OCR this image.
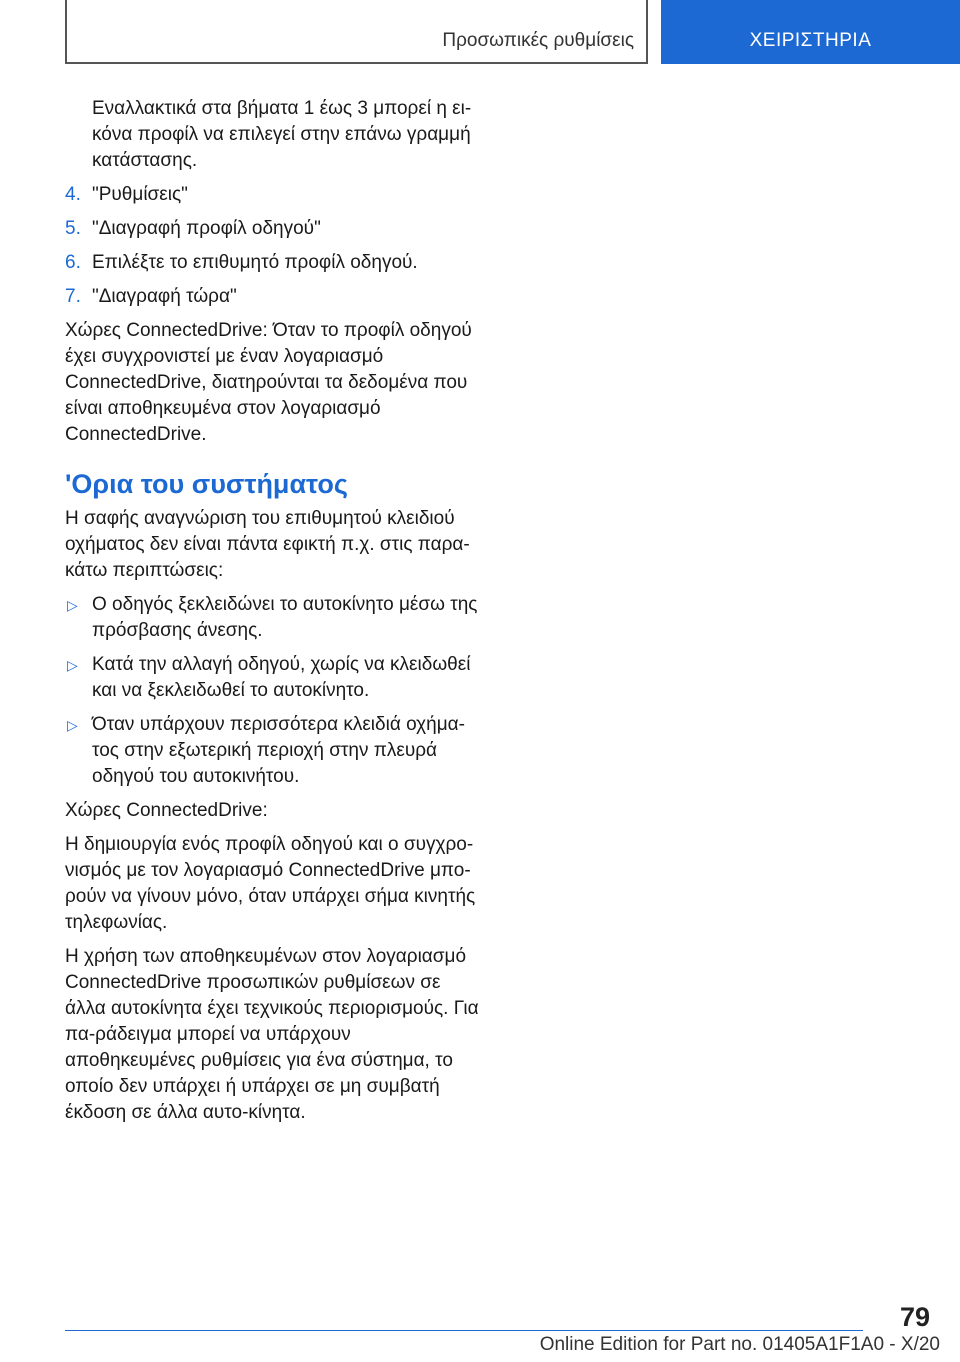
Προσωπικές ρυθμίσεις	ΧΕΙΡΙΣΤΗΡΙΑ

Εναλλακτικά στα βήματα 1 έως 3 μπορεί η ει-κόνα προφίλ να επιλεγεί στην επάνω γραμμή κατάστασης.

4. "Ρυθμίσεις"
5. "Διαγραφή προφίλ οδηγού"
6. Επιλέξτε το επιθυμητό προφίλ οδηγού.
7. "Διαγραφή τώρα"

Χώρες ConnectedDrive: Όταν το προφίλ οδηγού έχει συγχρονιστεί με έναν λογαριασμό ConnectedDrive, διατηρούνται τα δεδομένα που είναι αποθηκευμένα στον λογαριασμό ConnectedDrive.

'Ορια του συστήματος

Η σαφής αναγνώριση του επιθυμητού κλειδιού οχήματος δεν είναι πάντα εφικτή π.χ. στις παρα-κάτω περιπτώσεις:

▷ Ο οδηγός ξεκλειδώνει το αυτοκίνητο μέσω της πρόσβασης άνεσης.
▷ Κατά την αλλαγή οδηγού, χωρίς να κλειδωθεί και να ξεκλειδωθεί το αυτοκίνητο.
▷ Όταν υπάρχουν περισσότερα κλειδιά οχήμα-τος στην εξωτερική περιοχή στην πλευρά οδηγού του αυτοκινήτου.

Χώρες ConnectedDrive:

Η δημιουργία ενός προφίλ οδηγού και ο συγχρο-νισμός με τον λογαριασμό ConnectedDrive μπο-ρούν να γίνουν μόνο, όταν υπάρχει σήμα κινητής τηλεφωνίας.

Η χρήση των αποθηκευμένων στον λογαριασμό ConnectedDrive προσωπικών ρυθμίσεων σε άλλα αυτοκίνητα έχει τεχνικούς περιορισμούς. Για πα-ράδειγμα μπορεί να υπάρχουν αποθηκευμένες ρυθμίσεις για ένα σύστημα, το οποίο δεν υπάρχει ή υπάρχει σε μη συμβατή έκδοση σε άλλα αυτο-κίνητα.

79
Online Edition for Part no. 01405A1F1A0 - X/20
